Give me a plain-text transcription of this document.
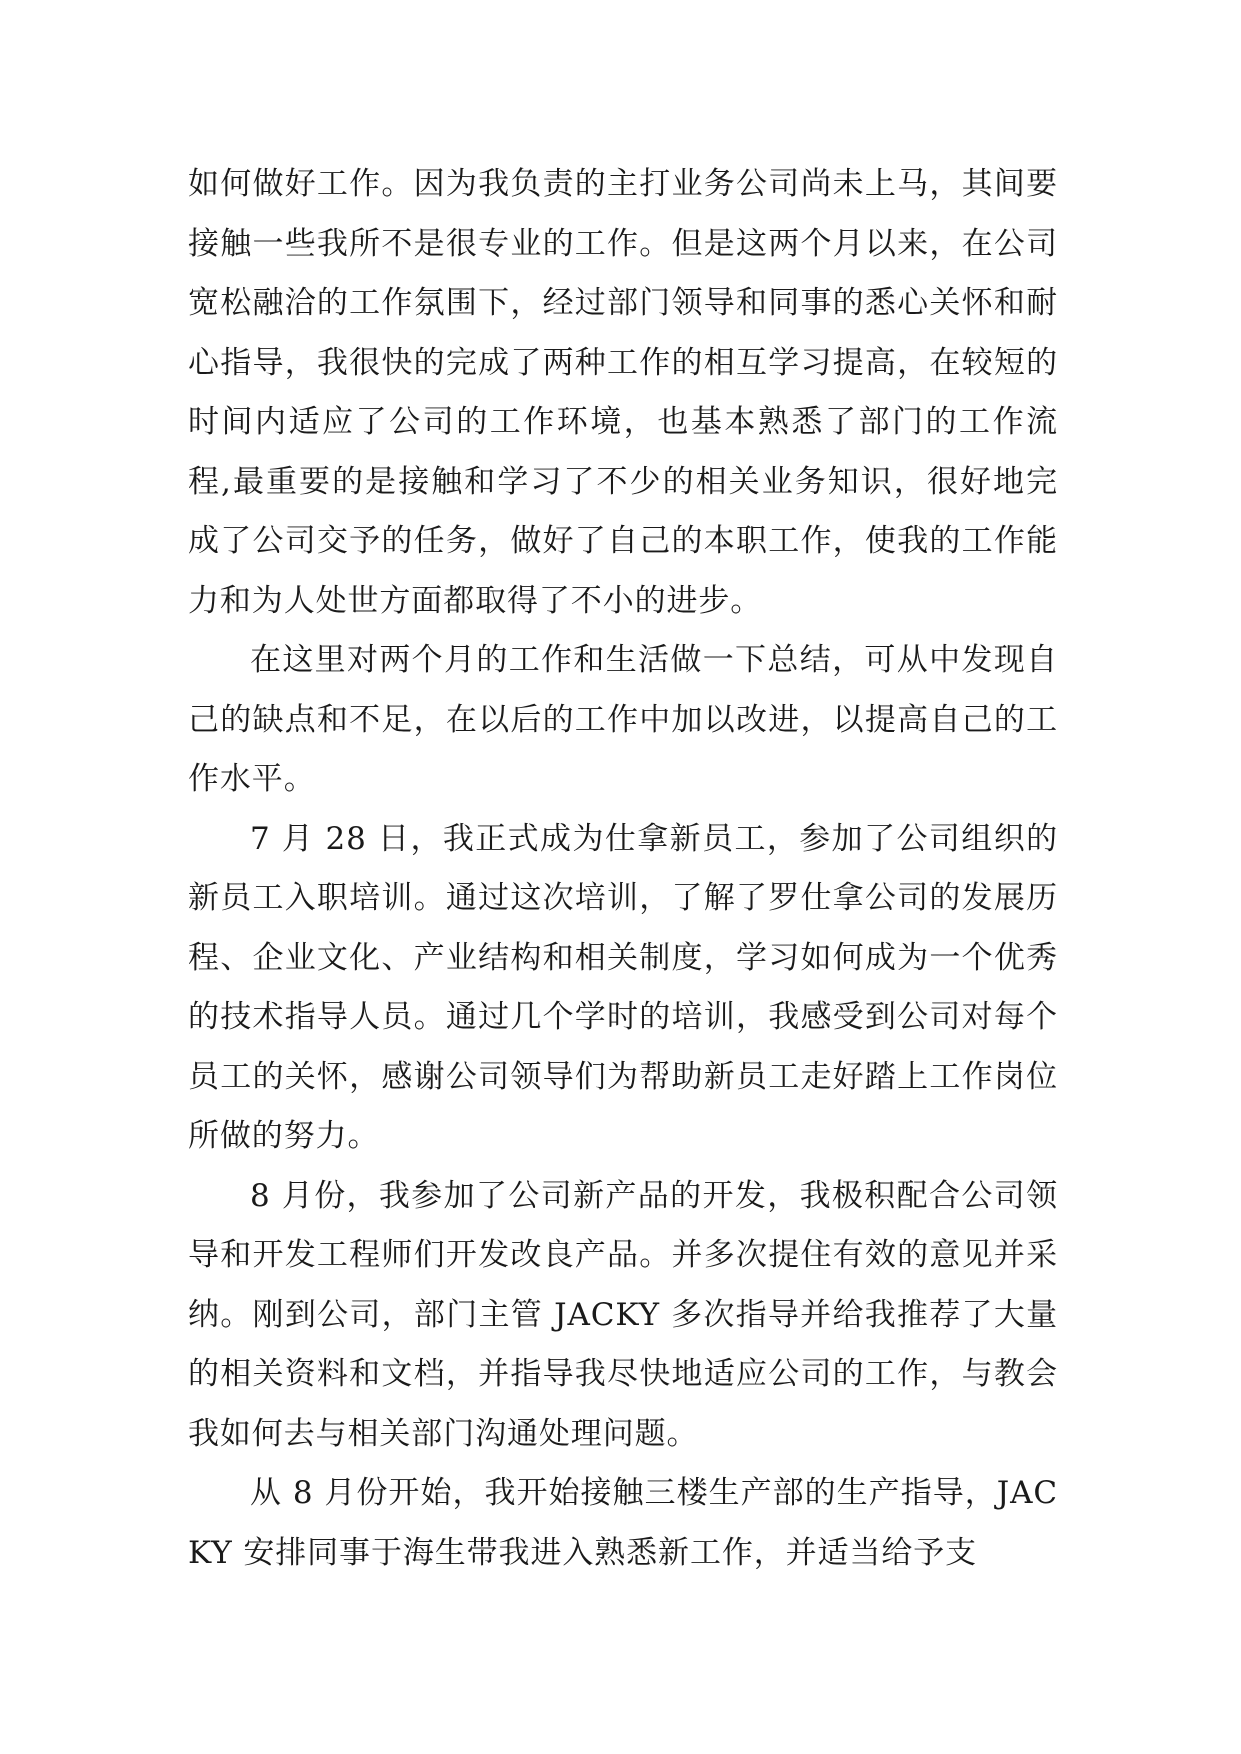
如何做好工作。因为我负责的主打业务公司尚未上马，其间要接触一些我所不是很专业的工作。但是这两个月以来，在公司宽松融洽的工作氛围下，经过部门领导和同事的悉心关怀和耐心指导，我很快的完成了两种工作的相互学习提高，在较短的时间内适应了公司的工作环境，也基本熟悉了部门的工作流程,最重要的是接触和学习了不少的相关业务知识，很好地完成了公司交予的任务，做好了自己的本职工作，使我的工作能力和为人处世方面都取得了不小的进步。

在这里对两个月的工作和生活做一下总结，可从中发现自己的缺点和不足，在以后的工作中加以改进，以提高自己的工作水平。

7 月 28 日，我正式成为仕拿新员工，参加了公司组织的新员工入职培训。通过这次培训，了解了罗仕拿公司的发展历程、企业文化、产业结构和相关制度，学习如何成为一个优秀的技术指导人员。通过几个学时的培训，我感受到公司对每个员工的关怀，感谢公司领导们为帮助新员工走好踏上工作岗位所做的努力。

8 月份，我参加了公司新产品的开发，我极积配合公司领导和开发工程师们开发改良产品。并多次提住有效的意见并采纳。刚到公司，部门主管 JACKY 多次指导并给我推荐了大量的相关资料和文档，并指导我尽快地适应公司的工作，与教会我如何去与相关部门沟通处理问题。

从 8 月份开始，我开始接触三楼生产部的生产指导，JACKY 安排同事于海生带我进入熟悉新工作，并适当给予支
